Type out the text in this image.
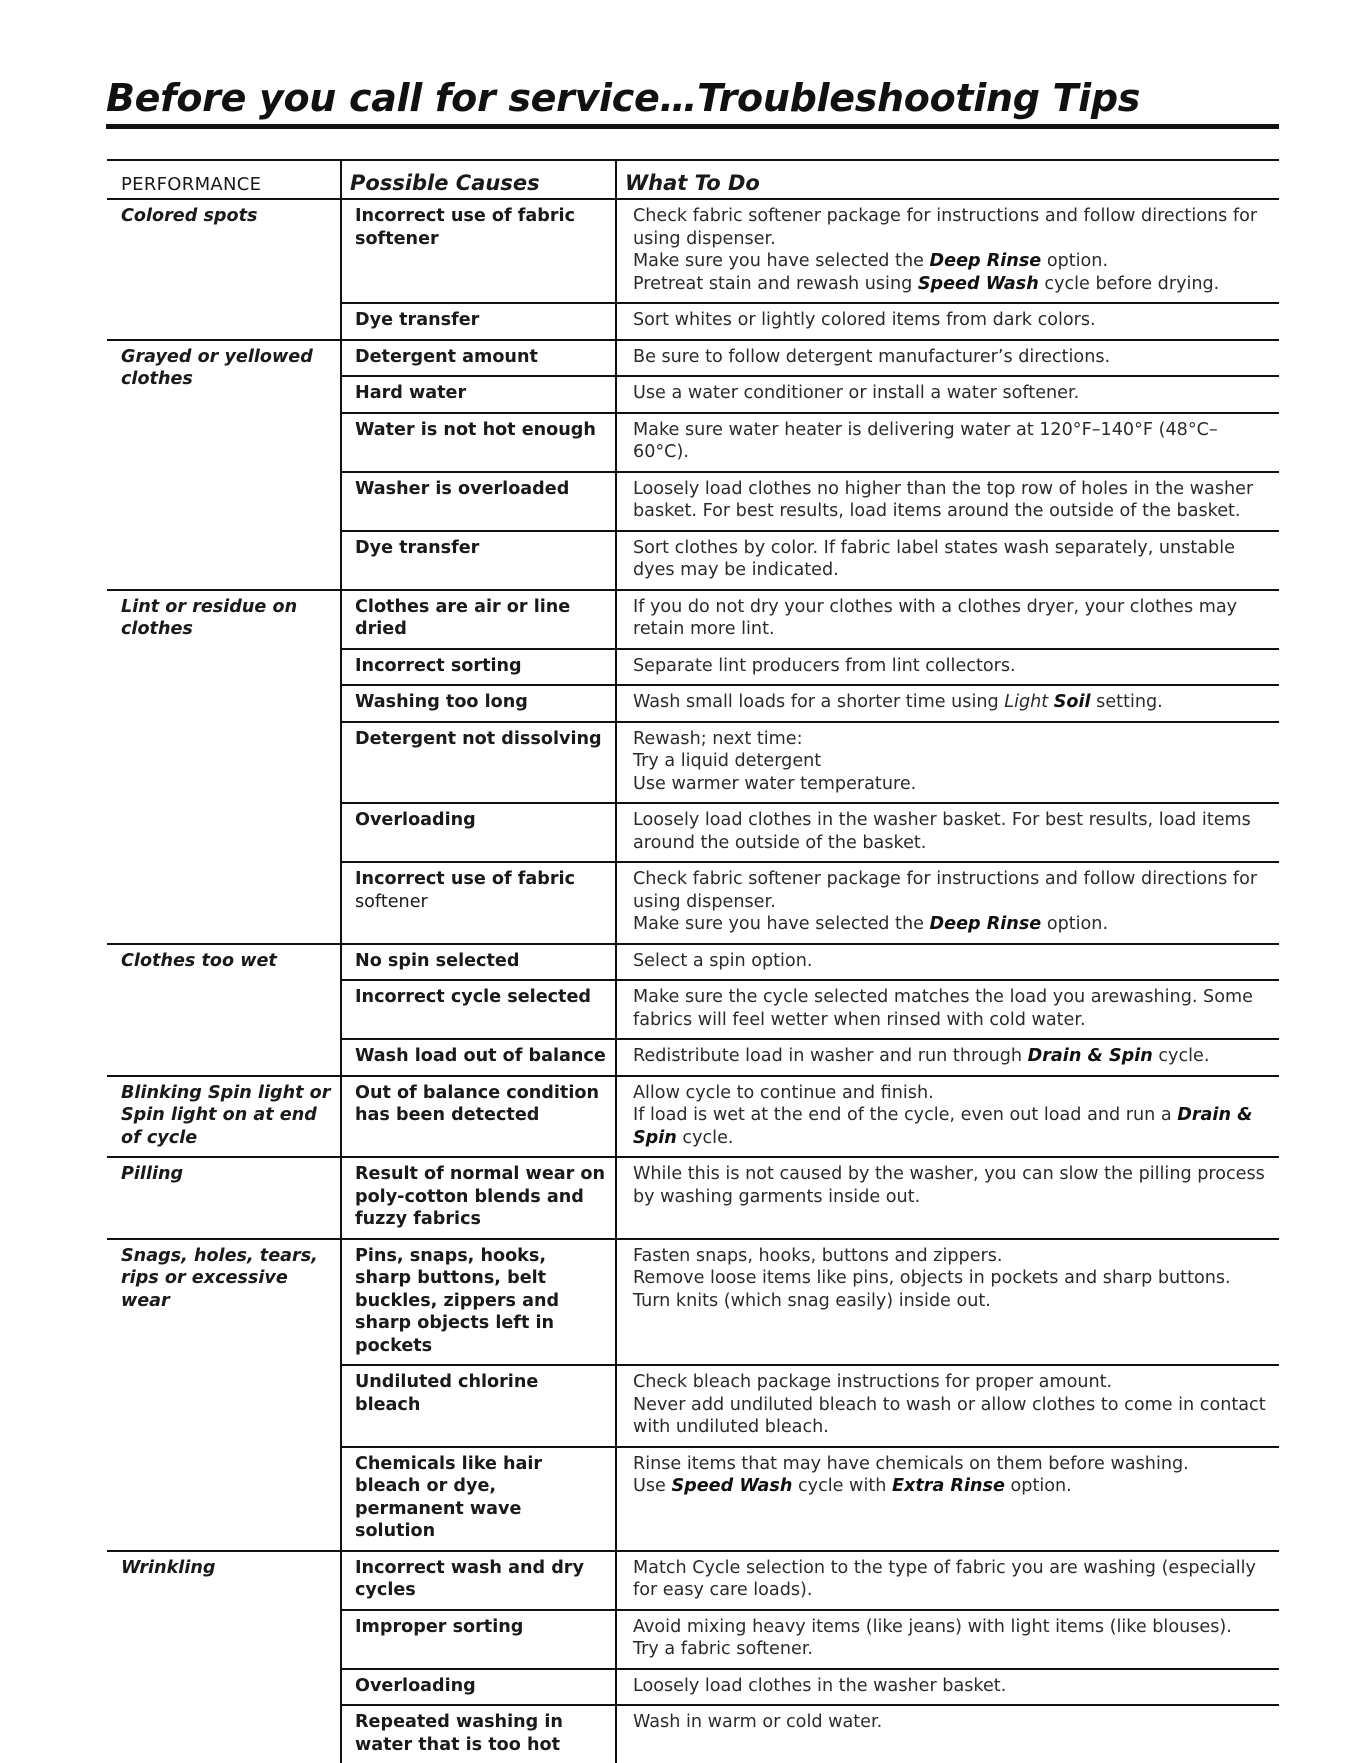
Before you call for service…Troubleshooting Tips
PERFORMANCE	Possible Causes	What To Do
Colored spots	Incorrect use of fabric softener	Check fabric softener package for instructions and follow directions for using dispenser.
Make sure you have selected the Deep Rinse option.
Pretreat stain and rewash using Speed Wash cycle before drying.

	Dye transfer	Sort whites or lightly colored items from dark colors.

Grayed or yellowed clothes	Detergent amount	Be sure to follow detergent manufacturer’s directions.

	Hard water	Use a water conditioner or install a water softener.

	Water is not hot enough	Make sure water heater is delivering water at 120°F–140°F (48°C–60°C).

	Washer is overloaded	Loosely load clothes no higher than the top row of holes in the washer basket. For best results, load items around the outside of the basket.

	Dye transfer	Sort clothes by color. If fabric label states wash separately, unstable dyes may be indicated.

Lint or residue on clothes	Clothes are air or line dried	If you do not dry your clothes with a clothes dryer, your clothes may retain more lint.

	Incorrect sorting	Separate lint producers from lint collectors.

	Washing too long	Wash small loads for a shorter time using Light Soil setting.

	Detergent not dissolving	Rewash; next time:
Try a liquid detergent
Use warmer water temperature.

	Overloading	Loosely load clothes in the washer basket. For best results, load items around the outside of the basket.

	Incorrect use of fabric
softener	Check fabric softener package for instructions and follow directions for using dispenser.
Make sure you have selected the Deep Rinse option.

Clothes too wet	No spin selected	Select a spin option.

	Incorrect cycle selected	Make sure the cycle selected matches the load you arewashing. Some fabrics will feel wetter when rinsed with cold water.

	Wash load out of balance	Redistribute load in washer and run through Drain & Spin cycle.

Blinking Spin light or Spin light on at end of cycle	Out of balance condition has been detected	Allow cycle to continue and finish.
If load is wet at the end of the cycle, even out load and run a Drain & Spin cycle.

Pilling	Result of normal wear on poly-cotton blends and fuzzy fabrics	While this is not caused by the washer, you can slow the pilling process by washing garments inside out.

Snags, holes, tears, rips or excessive wear	Pins, snaps, hooks, sharp buttons, belt buckles, zippers and sharp objects left in pockets	Fasten snaps, hooks, buttons and zippers.
Remove loose items like pins, objects in pockets and sharp buttons.
Turn knits (which snag easily) inside out.

	Undiluted chlorine bleach	Check bleach package instructions for proper amount.
Never add undiluted bleach to wash or allow clothes to come in contact with undiluted bleach.

	Chemicals like hair bleach or dye, permanent wave solution	Rinse items that may have chemicals on them before washing.
Use Speed Wash cycle with Extra Rinse option.

Wrinkling	Incorrect wash and dry cycles	Match Cycle selection to the type of fabric you are washing (especially for easy care loads).

	Improper sorting	Avoid mixing heavy items (like jeans) with light items (like blouses).
Try a fabric softener.

	Overloading	Loosely load clothes in the washer basket.

	Repeated washing in water that is too hot	Wash in warm or cold water.
